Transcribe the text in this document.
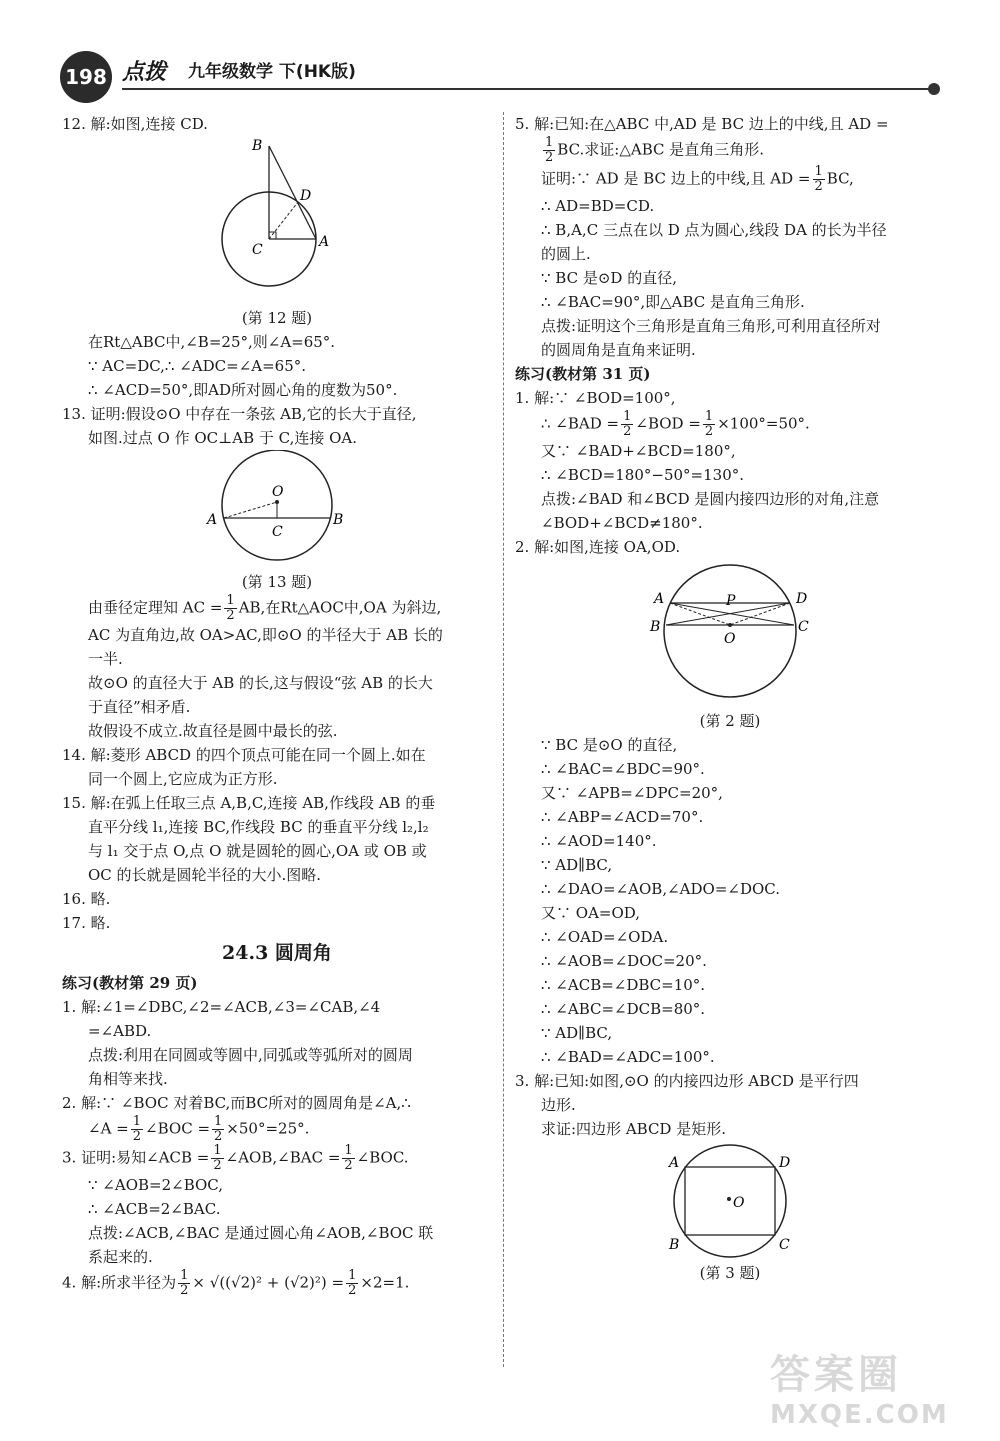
198 点拨 九年级数学 下(HK版)

12. 解:如图,连接 CD.

B
D
C	A

(第 12 题)

在Rt△ABC中,∠B=25°,则∠A=65°.

∵ AC=DC,∴ ∠ADC=∠A=65°.

∴ ∠ACD=50°,即AD所对圆心角的度数为50°.

13. 证明:假设⊙O 中存在一条弦 AB,它的长大于直径,

如图.过点 O 作 OC⊥AB 于 C,连接 OA.

O
A
C
B

(第 13 题)

由垂径定理知 AC = $\frac{1}{2}$ AB,在Rt△AOC中,OA 为斜边,

AC 为直角边,故 OA>AC,即⊙O 的半径大于 AB 长的

一半.

故⊙O 的直径大于 AB 的长,这与假设“弦 AB 的长大

于直径”相矛盾.

故假设不成立.故直径是圆中最长的弦.

14. 解:菱形 ABCD 的四个顶点可能在同一个圆上.如在

同一个圆上,它应成为正方形.

15. 解:在弧上任取三点 A,B,C,连接 AB,作线段 AB 的垂

直平分线 l₁,连接 BC,作线段 BC 的垂直平分线 l₂,l₂

与 l₁ 交于点 O,点 O 就是圆轮的圆心,OA 或 OB 或

OC 的长就是圆轮半径的大小.图略.

16. 略.

17. 略.

24.3 圆周角

练习(教材第 29 页)

1. 解:∠1=∠DBC,∠2=∠ACB,∠3=∠CAB,∠4

=∠ABD.

点拨:利用在同圆或等圆中,同弧或等弧所对的圆周

角相等来找.

2. 解:∵ ∠BOC 对着BC,而BC所对的圆周角是∠A,∴

∠A = $\frac{1}{2}$ ∠BOC = $\frac{1}{2} \times 50^\circ=25^\circ$.

3. 证明:易知∠ACB = $\frac{1}{2}$ ∠AOB,∠BAC = $\frac{1}{2}$ ∠BOC.

∵ ∠AOB=2∠BOC,

∴ ∠ACB=2∠BAC.

点拨:∠ACB,∠BAC 是通过圆心角∠AOB,∠BOC 联

系起来的.

4. 解:所求半径为 $\frac{1}{2} \times √((√2)^2 + (√2)^2) = \frac{1}{2} \times 2=1$.

5. 解:已知:在△ABC 中,AD 是 BC 边上的中线,且 AD =

$\frac{1}{2}$ BC.求证:△ABC 是直角三角形.

证明:∵ AD 是 BC 边上的中线,且 AD = $\frac{1}{2}$ BC,

∴ AD=BD=CD.

∴ B,A,C 三点在以 D 点为圆心,线段 DA 的长为半径

的圆上.

∵ BC 是⊙D 的直径,

∴ ∠BAC=90°,即△ABC 是直角三角形.

点拨:证明这个三角形是直角三角形,可利用直径所对

的圆周角是直角来证明.

练习(教材第 31 页)

1. 解:∵ ∠BOD=100°,

∴ ∠BAD = $\frac{1}{2}$ ∠BOD = $\frac{1}{2} \times 100^\circ=50^\circ$.

又∵ ∠BAD+∠BCD=180°,

∴ ∠BCD=180°−50°=130°.

点拨:∠BAD 和∠BCD 是圆内接四边形的对角,注意

∠BOD+∠BCD≠180°.

2. 解:如图,连接 OA,OD.

A	D
B	C
P
O

(第 2 题)

∵ BC 是⊙O 的直径,

∴ ∠BAC=∠BDC=90°.

又∵ ∠APB=∠DPC=20°,

∴ ∠ABP=∠ACD=70°.

∴ ∠AOD=140°.

∵ AD∥BC,

∴ ∠DAO=∠AOB,∠ADO=∠DOC.

又∵ OA=OD,

∴ ∠OAD=∠ODA.

∴ ∠AOB=∠DOC=20°.

∴ ∠ACB=∠DBC=10°.

∴ ∠ABC=∠DCB=80°.

∵ AD∥BC,

∴ ∠BAD=∠ADC=100°.

3. 解:已知:如图,⊙O 的内接四边形 ABCD 是平行四

边形.

求证:四边形 ABCD 是矩形.

O
A	D
B	C

(第 3 题)

答案圈
MXQE.COM
